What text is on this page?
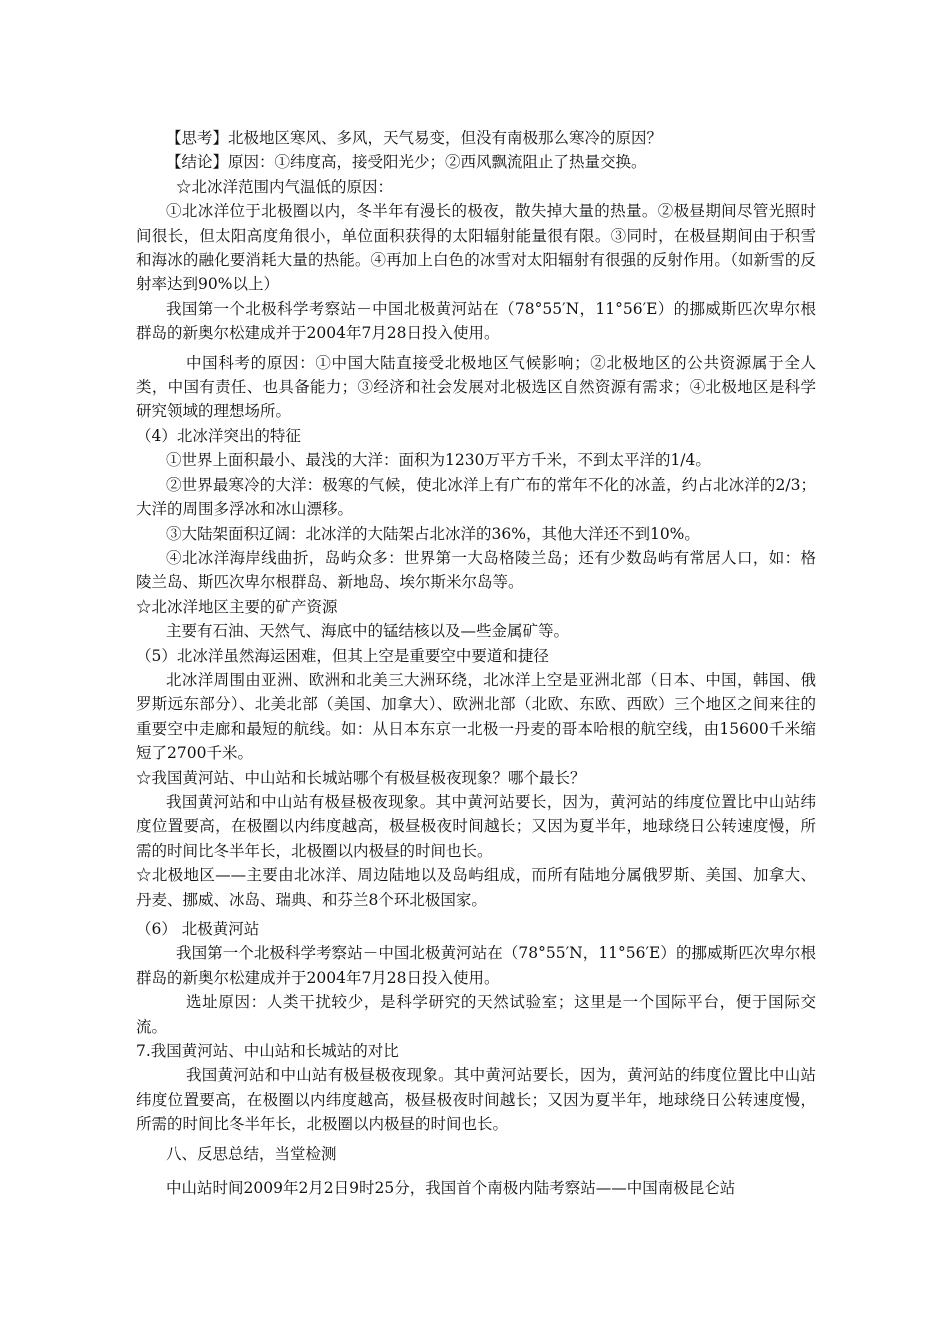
【思考】北极地区寒风、多风，天气易变，但没有南极那么寒冷的原因？

【结论】原因：①纬度高，接受阳光少；②西风飘流阻止了热量交换。

☆北冰洋范围内气温低的原因：

①北冰洋位于北极圈以内，冬半年有漫长的极夜，散失掉大量的热量。②极昼期间尽管光照时间很长，但太阳高度角很小，单位面积获得的太阳辐射能量很有限。③同时，在极昼期间由于积雪和海冰的融化要消耗大量的热能。④再加上白色的冰雪对太阳辐射有很强的反射作用。（如新雪的反射率达到90%以上）

我国第一个北极科学考察站－中国北极黄河站在（78°55′N，11°56′E）的挪威斯匹次卑尔根群岛的新奥尔松建成并于2004年7月28日投入使用。

中国科考的原因：①中国大陆直接受北极地区气候影响；②北极地区的公共资源属于全人类，中国有责任、也具备能力；③经济和社会发展对北极选区自然资源有需求；④北极地区是科学研究领域的理想场所。

（4）北冰洋突出的特征

①世界上面积最小、最浅的大洋：面积为1230万平方千米，不到太平洋的1/4。

②世界最寒冷的大洋：极寒的气候，使北冰洋上有广布的常年不化的冰盖，约占北冰洋的2/3；大洋的周围多浮冰和冰山漂移。

③大陆架面积辽阔：北冰洋的大陆架占北冰洋的36%，其他大洋还不到10%。

④北冰洋海岸线曲折，岛屿众多：世界第一大岛格陵兰岛；还有少数岛屿有常居人口，如：格陵兰岛、斯匹次卑尔根群岛、新地岛、埃尔斯米尔岛等。

☆北冰洋地区主要的矿产资源

主要有石油、天然气、海底中的锰结核以及—些金属矿等。

（5）北冰洋虽然海运困难，但其上空是重要空中要道和捷径

北冰洋周围由亚洲、欧洲和北美三大洲环绕，北冰洋上空是亚洲北部（日本、中国，韩国、俄罗斯远东部分）、北美北部（美国、加拿大）、欧洲北部（北欧、东欧、西欧）三个地区之间来往的重要空中走廊和最短的航线。如：从日本东京一北极一丹麦的哥本哈根的航空线，由15600千米缩短了2700千米。

☆我国黄河站、中山站和长城站哪个有极昼极夜现象？哪个最长？

我国黄河站和中山站有极昼极夜现象。其中黄河站要长，因为，黄河站的纬度位置比中山站纬度位置要高，在极圈以内纬度越高，极昼极夜时间越长；又因为夏半年，地球绕日公转速度慢，所需的时间比冬半年长，北极圈以内极昼的时间也长。

☆北极地区——主要由北冰洋、周边陆地以及岛屿组成，而所有陆地分属俄罗斯、美国、加拿大、丹麦、挪威、冰岛、瑞典、和芬兰8个环北极国家。

（6） 北极黄河站

我国第一个北极科学考察站－中国北极黄河站在（78°55′N，11°56′E）的挪威斯匹次卑尔根群岛的新奥尔松建成并于2004年7月28日投入使用。

选址原因：人类干扰较少，是科学研究的天然试验室；这里是一个国际平台，便于国际交流。

7.我国黄河站、中山站和长城站的对比

我国黄河站和中山站有极昼极夜现象。其中黄河站要长，因为，黄河站的纬度位置比中山站纬度位置要高，在极圈以内纬度越高，极昼极夜时间越长；又因为夏半年，地球绕日公转速度慢，所需的时间比冬半年长，北极圈以内极昼的时间也长。

八、反思总结，当堂检测

中山站时间2009年2月2日9时25分，我国首个南极内陆考察站——中国南极昆仑站
